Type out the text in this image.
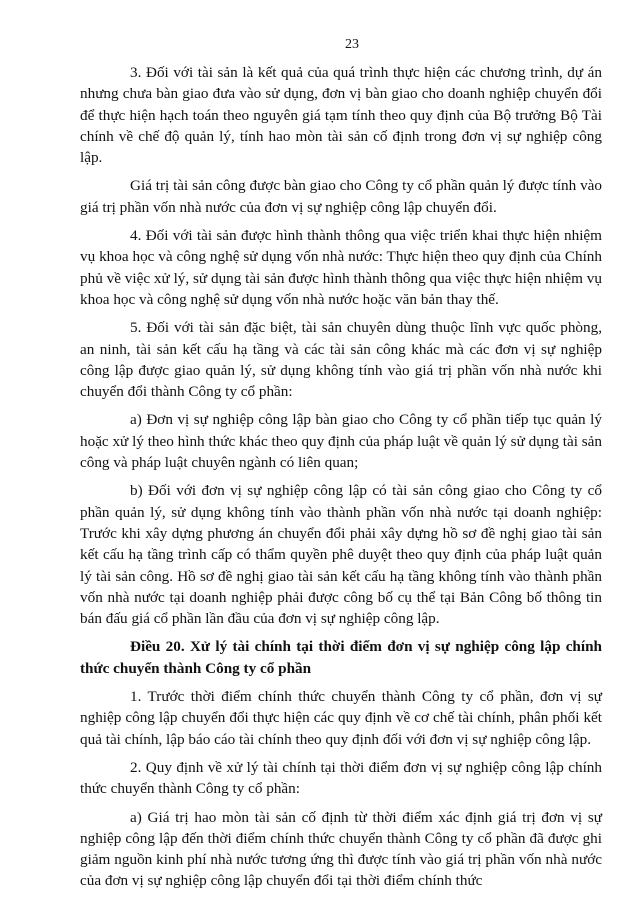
23

3. Đối với tài sản là kết quả của quá trình thực hiện các chương trình, dự án nhưng chưa bàn giao đưa vào sử dụng, đơn vị bàn giao cho doanh nghiệp chuyển đổi để thực hiện hạch toán theo nguyên giá tạm tính theo quy định của Bộ trưởng Bộ Tài chính về chế độ quản lý, tính hao mòn tài sản cố định trong đơn vị sự nghiệp công lập.

Giá trị tài sản công được bàn giao cho Công ty cổ phần quản lý được tính vào giá trị phần vốn nhà nước của đơn vị sự nghiệp công lập chuyển đổi.

4. Đối với tài sản được hình thành thông qua việc triển khai thực hiện nhiệm vụ khoa học và công nghệ sử dụng vốn nhà nước: Thực hiện theo quy định của Chính phủ về việc xử lý, sử dụng tài sản được hình thành thông qua việc thực hiện nhiệm vụ khoa học và công nghệ sử dụng vốn nhà nước hoặc văn bản thay thế.

5. Đối với tài sản đặc biệt, tài sản chuyên dùng thuộc lĩnh vực quốc phòng, an ninh, tài sản kết cấu hạ tầng và các tài sản công khác mà các đơn vị sự nghiệp công lập được giao quản lý, sử dụng không tính vào giá trị phần vốn nhà nước khi chuyển đổi thành Công ty cổ phần:

a) Đơn vị sự nghiệp công lập bàn giao cho Công ty cổ phần tiếp tục quản lý hoặc xử lý theo hình thức khác theo quy định của pháp luật về quản lý sử dụng tài sản công và pháp luật chuyên ngành có liên quan;

b) Đối với đơn vị sự nghiệp công lập có tài sản công giao cho Công ty cổ phần quản lý, sử dụng không tính vào thành phần vốn nhà nước tại doanh nghiệp: Trước khi xây dựng phương án chuyển đổi phải xây dựng hồ sơ đề nghị giao tài sản kết cấu hạ tầng trình cấp có thẩm quyền phê duyệt theo quy định của pháp luật quản lý tài sản công. Hồ sơ đề nghị giao tài sản kết cấu hạ tầng không tính vào thành phần vốn nhà nước tại doanh nghiệp phải được công bố cụ thể tại Bản Công bố thông tin bán đấu giá cổ phần lần đầu của đơn vị sự nghiệp công lập.

Điều 20. Xử lý tài chính tại thời điểm đơn vị sự nghiệp công lập chính thức chuyển thành Công ty cổ phần

1. Trước thời điểm chính thức chuyển thành Công ty cổ phần, đơn vị sự nghiệp công lập chuyển đổi thực hiện các quy định về cơ chế tài chính, phân phối kết quả tài chính, lập báo cáo tài chính theo quy định đối với đơn vị sự nghiệp công lập.

2. Quy định về xử lý tài chính tại thời điểm đơn vị sự nghiệp công lập chính thức chuyển thành Công ty cổ phần:

a) Giá trị hao mòn tài sản cố định từ thời điểm xác định giá trị đơn vị sự nghiệp công lập đến thời điểm chính thức chuyển thành Công ty cổ phần đã được ghi giảm nguồn kinh phí nhà nước tương ứng thì được tính vào giá trị phần vốn nhà nước của đơn vị sự nghiệp công lập chuyển đổi tại thời điểm chính thức
